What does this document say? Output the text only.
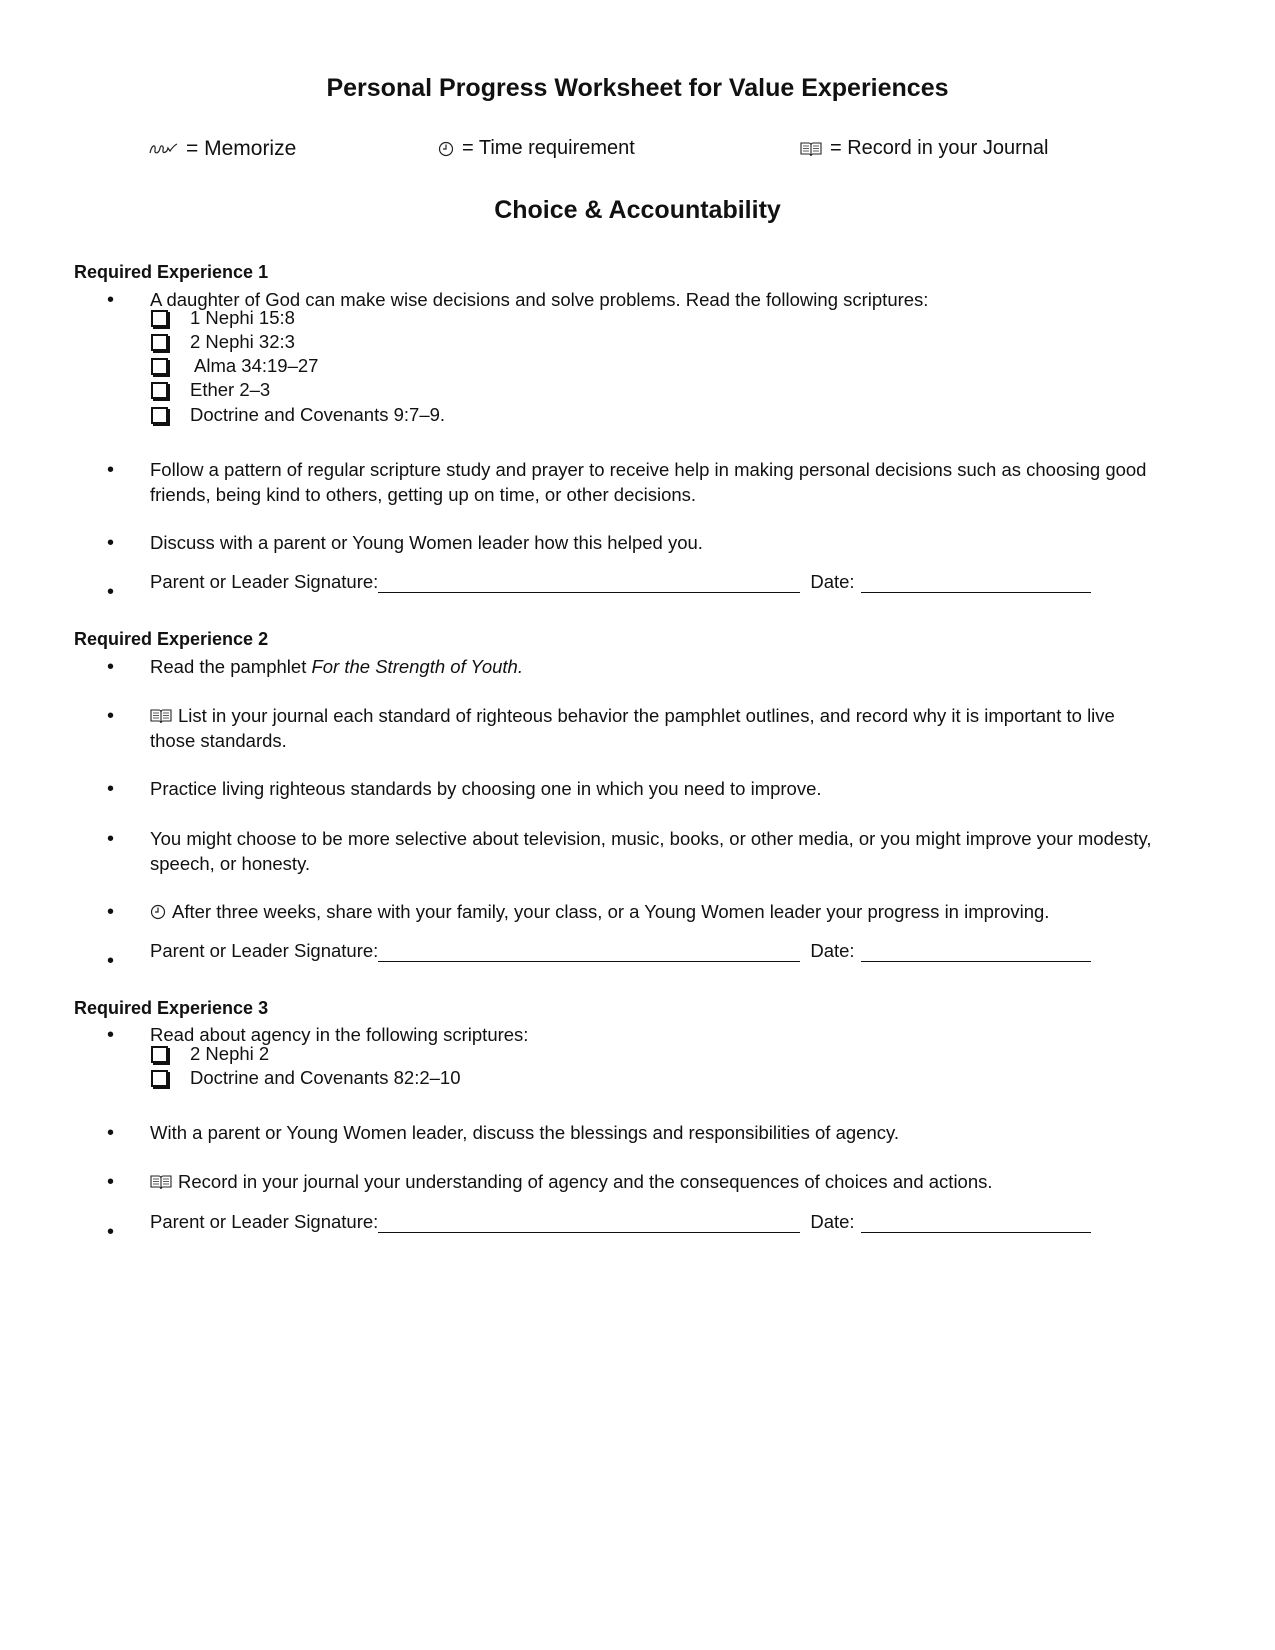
Personal Progress Worksheet for Value Experiences
= Memorize	= Time requirement	= Record in your Journal
Choice & Accountability
Required Experience 1
• A daughter of God can make wise decisions and solve problems. Read the following scriptures:
1 Nephi 15:8
2 Nephi 32:3
Alma 34:19–27
Ether 2–3
Doctrine and Covenants 9:7–9.
• Follow a pattern of regular scripture study and prayer to receive help in making personal decisions such as choosing good friends, being kind to others, getting up on time, or other decisions.
• Discuss with a parent or Young Women leader how this helped you.
• Parent or Leader Signature:	Date:
Required Experience 2
• Read the pamphlet For the Strength of Youth.
•	List in your journal each standard of righteous behavior the pamphlet outlines, and record why it is important to live those standards.
• Practice living righteous standards by choosing one in which you need to improve.
• You might choose to be more selective about television, music, books, or other media, or you might improve your modesty, speech, or honesty.
•	After three weeks, share with your family, your class, or a Young Women leader your progress in improving.
• Parent or Leader Signature:	Date:
Required Experience 3
• Read about agency in the following scriptures:
2 Nephi 2
Doctrine and Covenants 82:2–10
• With a parent or Young Women leader, discuss the blessings and responsibilities of agency.
•	Record in your journal your understanding of agency and the consequences of choices and actions.
• Parent or Leader Signature:	Date:
